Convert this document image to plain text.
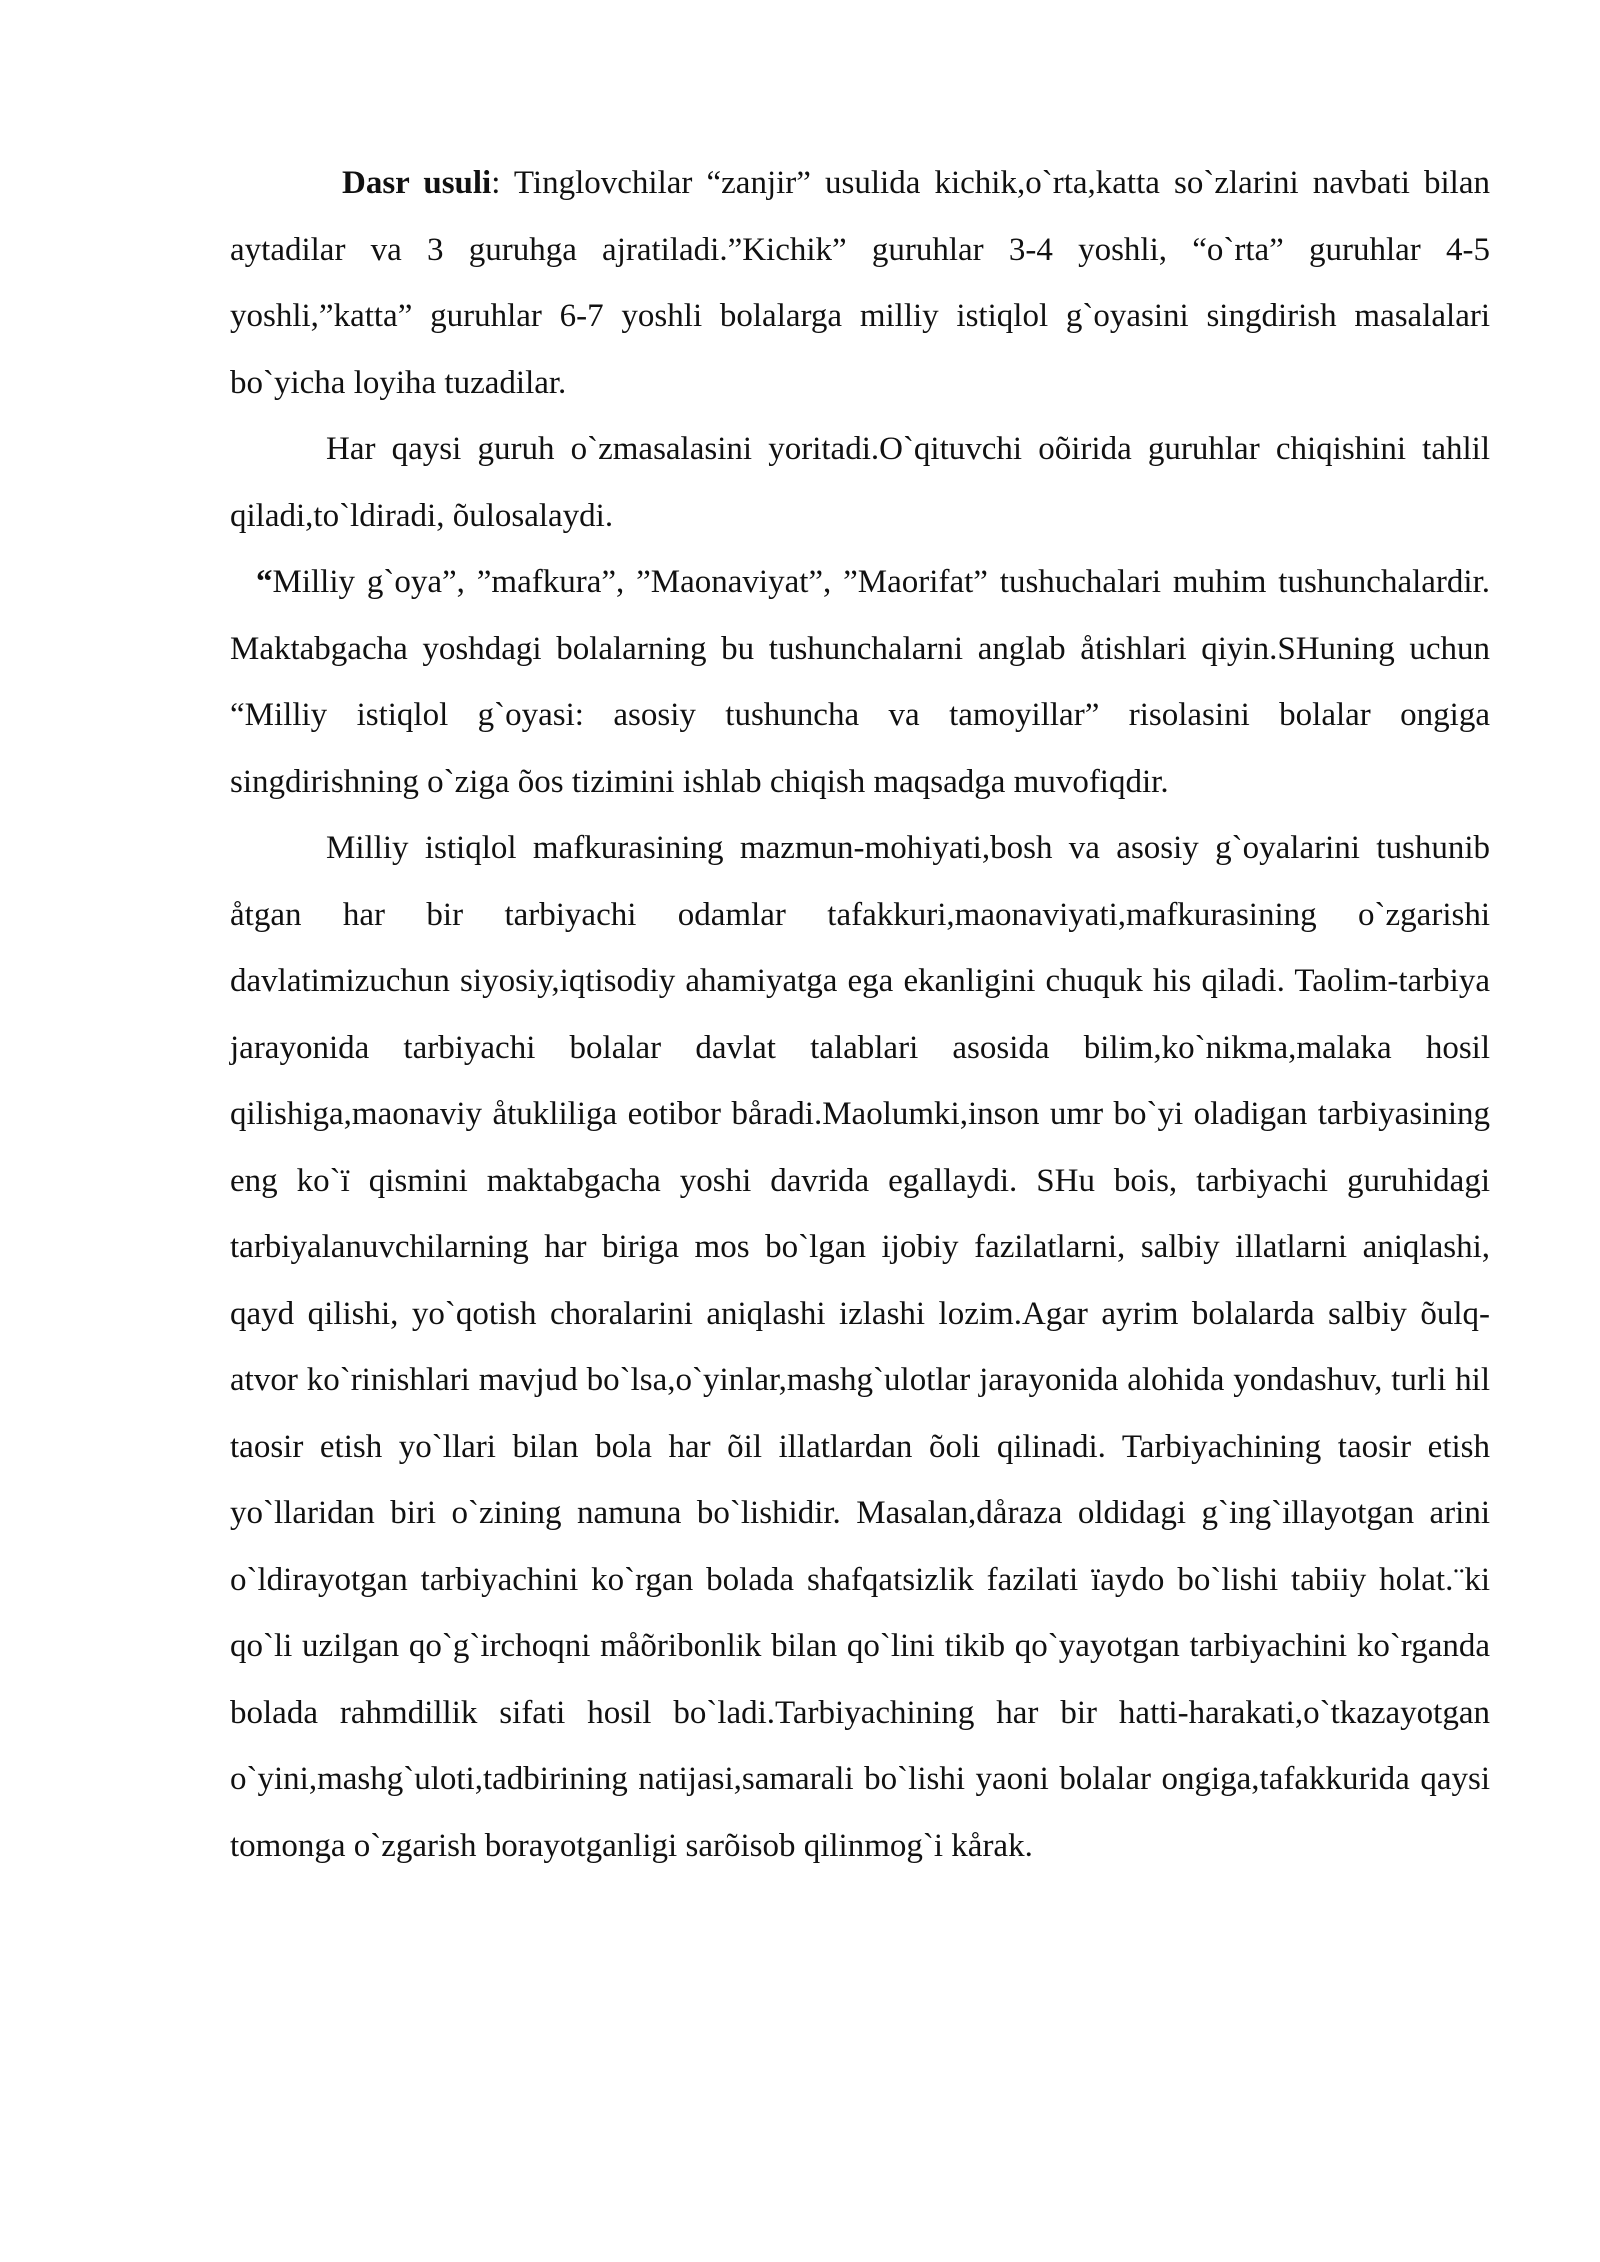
Dasr usuli: Tinglovchilar “zanjir” usulida kichik,o`rta,katta so`zlarini navbati bilan aytadilar va 3 guruhga ajratiladi.”Kichik” guruhlar 3-4 yoshli, “o`rta” guruhlar 4-5 yoshli,”katta” guruhlar 6-7 yoshli bolalarga milliy istiqlol g`oyasini singdirish masalalari bo`yicha loyiha tuzadilar.

Har qaysi guruh o`zmasalasini yoritadi.O`qituvchi oõirida guruhlar chiqishini tahlil qiladi,to`ldiradi, õulosalaydi.

“Milliy g`oya”, ”mafkura”, ”Maonaviyat”, ”Maorifat” tushuchalari muhim tushunchalardir. Maktabgacha yoshdagi bolalarning bu tushunchalarni anglab åtishlari qiyin.SHuning uchun “Milliy istiqlol g`oyasi: asosiy tushuncha va tamoyillar” risolasini bolalar ongiga singdirishning o`ziga õos tizimini ishlab chiqish maqsadga muvofiqdir.

Milliy istiqlol mafkurasining mazmun-mohiyati,bosh va asosiy g`oyalarini tushunib åtgan har bir tarbiyachi odamlar tafakkuri,maonaviyati,mafkurasining o`zgarishi davlatimizuchun siyosiy,iqtisodiy ahamiyatga ega ekanligini chuquk his qiladi. Taolim-tarbiya jarayonida tarbiyachi bolalar davlat talablari asosida bilim,ko`nikma,malaka hosil qilishiga,maonaviy åtukliliga eotibor båradi.Maolumki,inson umr bo`yi oladigan tarbiyasining eng ko`ï qismini maktabgacha yoshi davrida egallaydi. SHu bois, tarbiyachi guruhidagi tarbiyalanuvchilarning har biriga mos bo`lgan ijobiy fazilatlarni, salbiy illatlarni aniqlashi, qayd qilishi, yo`qotish choralarini aniqlashi izlashi lozim.Agar ayrim bolalarda salbiy õulq-atvor ko`rinishlari mavjud bo`lsa,o`yinlar,mashg`ulotlar jarayonida alohida yondashuv, turli hil taosir etish yo`llari bilan bola har õil illatlardan õoli qilinadi. Tarbiyachining taosir etish yo`llaridan biri o`zining namuna bo`lishidir. Masalan,dåraza oldidagi g`ing`illayotgan arini o`ldirayotgan tarbiyachini ko`rgan bolada shafqatsizlik fazilati ïaydo bo`lishi tabiiy holat.¨ki qo`li uzilgan qo`g`irchoqni måõribonlik bilan qo`lini tikib qo`yayotgan tarbiyachini ko`rganda bolada rahmdillik sifati hosil bo`ladi.Tarbiyachining har bir hatti-harakati,o`tkazayotgan o`yini,mashg`uloti,tadbirining natijasi,samarali bo`lishi yaoni bolalar ongiga,tafakkurida qaysi tomonga o`zgarish borayotganligi sarõisob qilinmog`i kårak.
